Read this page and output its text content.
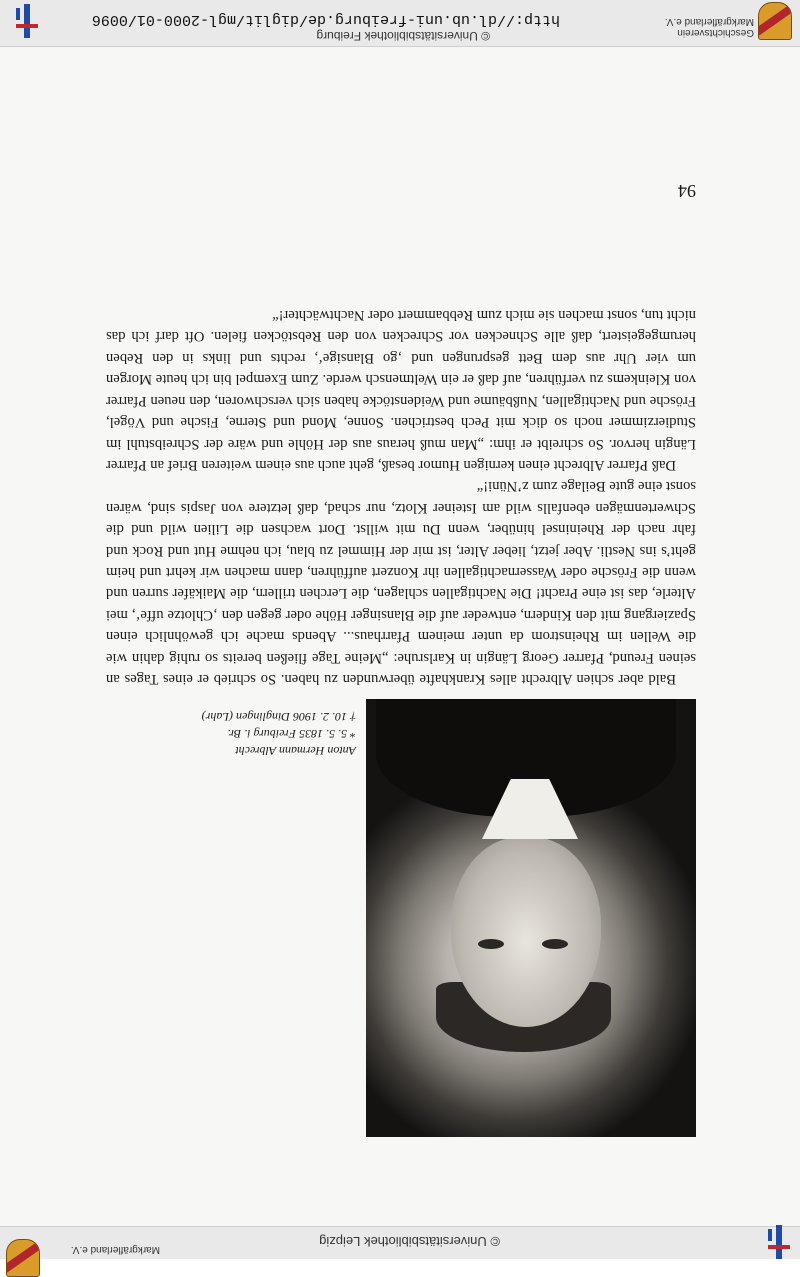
© Universitätsbibliothek Leipzig
Markgräflerland e.V.
94
Anton Hermann Albrecht
* 5. 5. 1835 Freiburg i. Br.
† 10. 2. 1906 Dinglingen (Lahr)

Bald aber schien Albrecht alles Krankhafte überwunden zu haben. So schrieb er eines Tages an seinen Freund, Pfarrer Georg Längin in Karlsruhe: „Meine Tage fließen bereits so ruhig dahin wie die Wellen im Rheinstrom da unter meinem Pfarrhaus... Abends mache ich gewöhnlich einen Spaziergang mit den Kindern, entweder auf die Blansinger Höhe oder gegen den ‚Chlotze uffe‘, mei Alterle, das ist eine Pracht! Die Nachtigallen schlagen, die Lerchen trillern, die Maikäfer surren und wenn die Frösche oder Wassernachtigallen ihr Konzert aufführen, dann machen wir kehrt und heim geht’s ins Nestli. Aber jetzt, lieber Alter, ist mir der Himmel zu blau, ich nehme Hut und Rock und fahr nach der Rheininsel hinüber, wenn Du mit willst. Dort wachsen die Lilien wild und die Schwertenmägen ebenfalls wild am Isteiner Klotz, nur schad, daß letztere von Jaspis sind, wären sonst eine gute Beilage zum z’Nüni!“

Daß Pfarrer Albrecht einen kernigen Humor besaß, geht auch aus einem weiteren Brief an Pfarrer Längin hervor. So schreibt er ihm: „Man muß heraus aus der Höhle und wäre der Schreibstuhl im Studierzimmer noch so dick mit Pech bestrichen. Sonne, Mond und Sterne, Fische und Vögel, Frösche und Nachtigallen, Nußbäume und Weidenstöcke haben sich verschworen, den neuen Pfarrer von Kleinkems zu verführen, auf daß er ein Weltmensch werde. Zum Exempel bin ich heute Morgen um vier Uhr aus dem Bett gesprungen und ‚go Blansige‘, rechts und links in den Reben herumgegeistert, daß alle Schnecken vor Schrecken von den Rebstöcken fielen. Oft darf ich das nicht tun, sonst machen sie mich zum Rebbammert oder Nachtwächter!“

Geschichtsverein
Markgräflerland e.V.
© Universitätsbibliothek Freiburg
http://dl.ub.uni-freiburg.de/diglit/mgl-2000-01/0096
